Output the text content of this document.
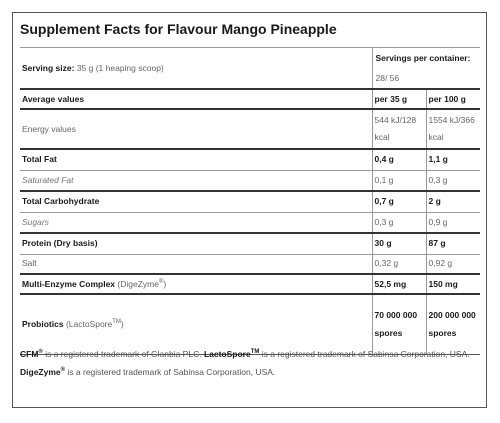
Supplement Facts for Flavour Mango Pineapple
Serving size: 35 g (1 heaping scoop)	Servings per container: 28/ 56	
Average values	per 35 g	per 100 g
Energy values	544 kJ/128 kcal	1554 kJ/366 kcal
Total Fat	0,4 g	1,1 g
Saturated Fat	0,1 g	0,3 g
Total Carbohydrate	0,7 g	2 g
Sugars	0,3 g	0,9 g
Protein (Dry basis)	30 g	87 g
Salt	0,32 g	0,92 g
Multi-Enzyme Complex (DigeZyme®)	52,5 mg	150 mg
Probiotics (LactoSpore™)	70 000 000 spores	200 000 000 spores
CFM® is a registered trademark of Glanbia PLC. LactoSpore™ is a registered trademark of Sabinsa Corporation, USA. DigeZyme® is a registered trademark of Sabinsa Corporation, USA.
